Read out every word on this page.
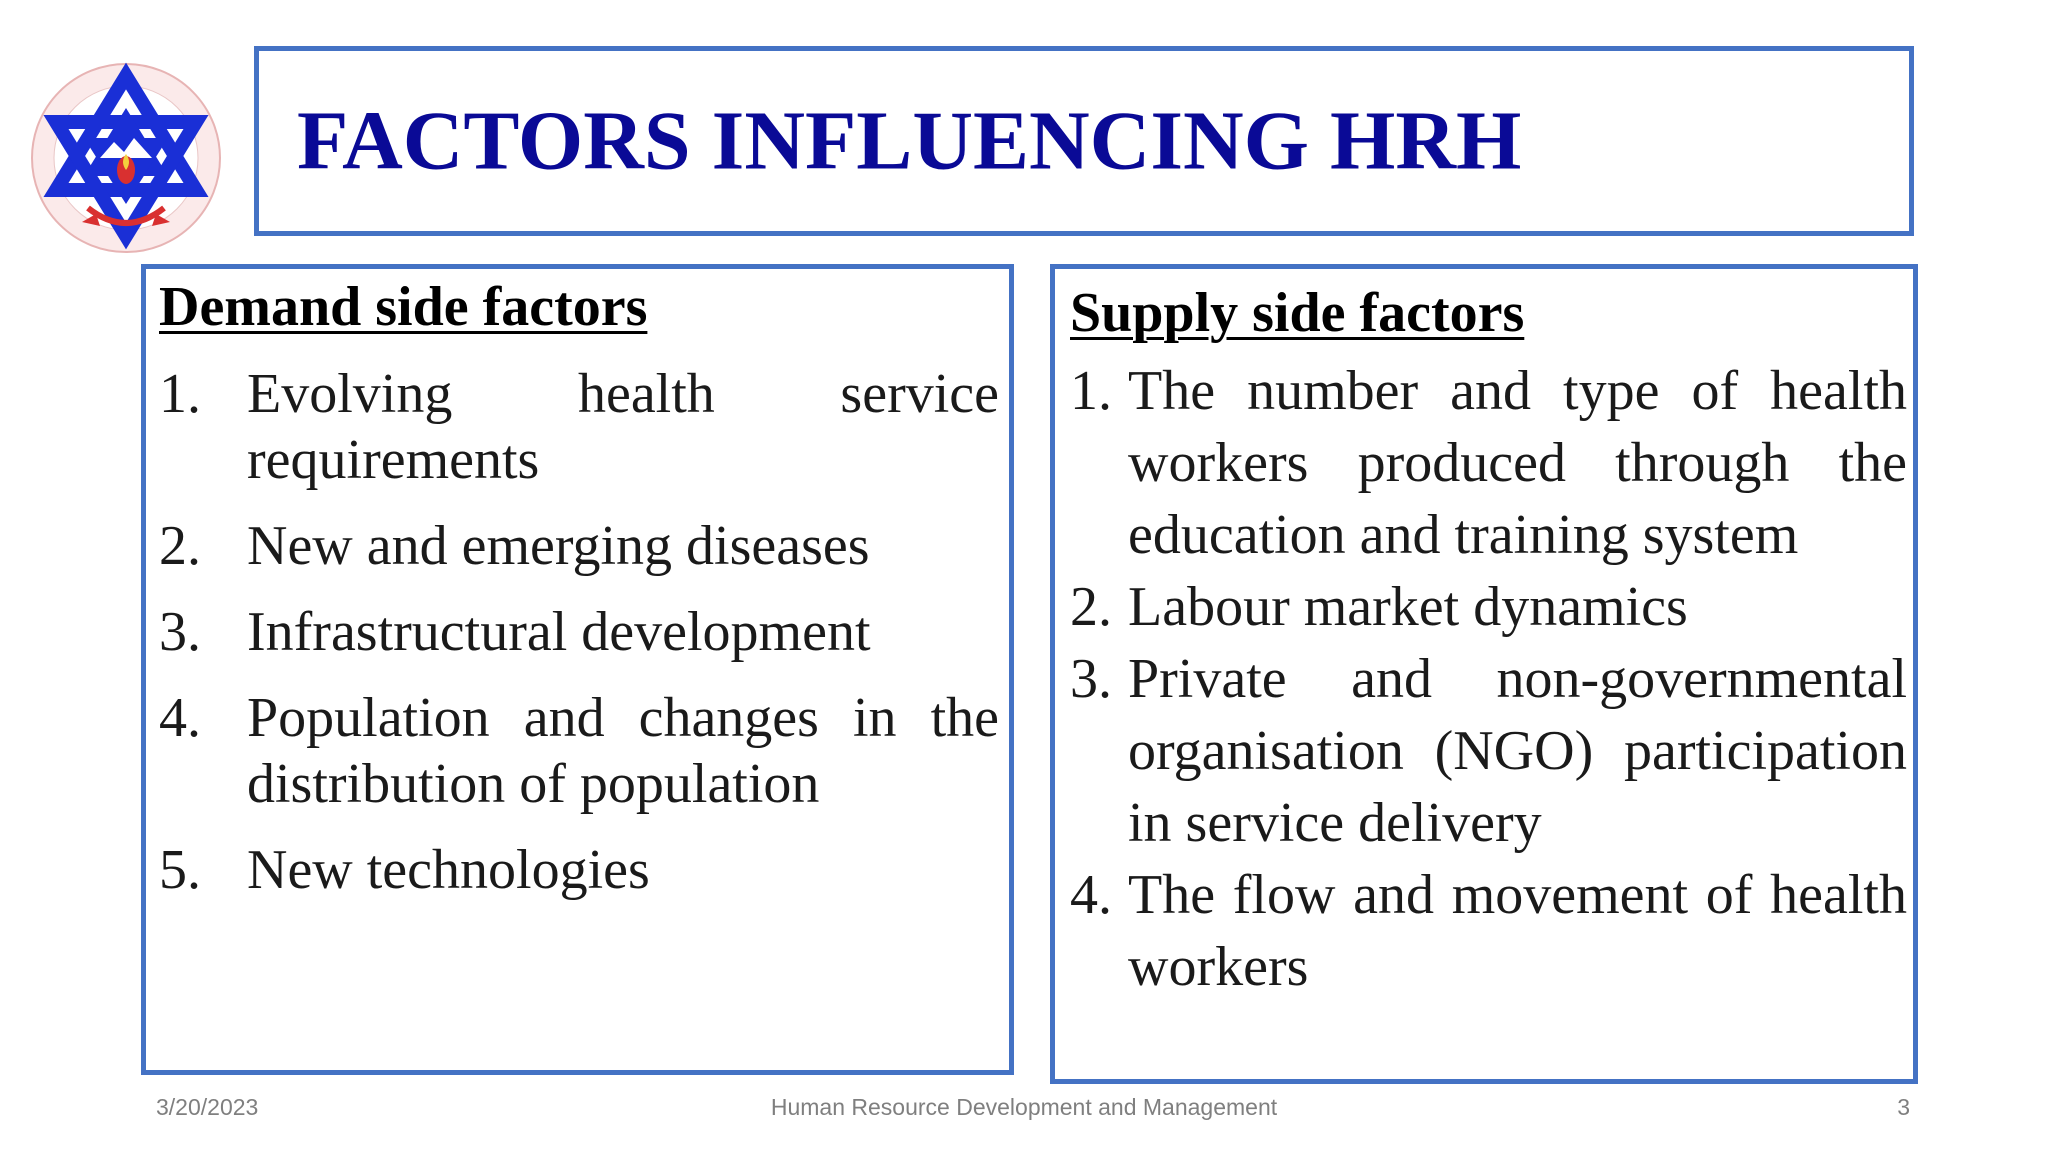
FACTORS INFLUENCING HRH
Demand side factors
1. Evolving health service requirements
2. New and emerging diseases
3. Infrastructural development
4. Population and changes in the distribution of population
5. New technologies
Supply side factors
1. The number and type of health workers produced through the education and training system
2. Labour market dynamics
3. Private and non-governmental organisation (NGO) participation in service delivery
4. The flow and movement of health workers
3/20/2023	Human Resource Development and Management	3
